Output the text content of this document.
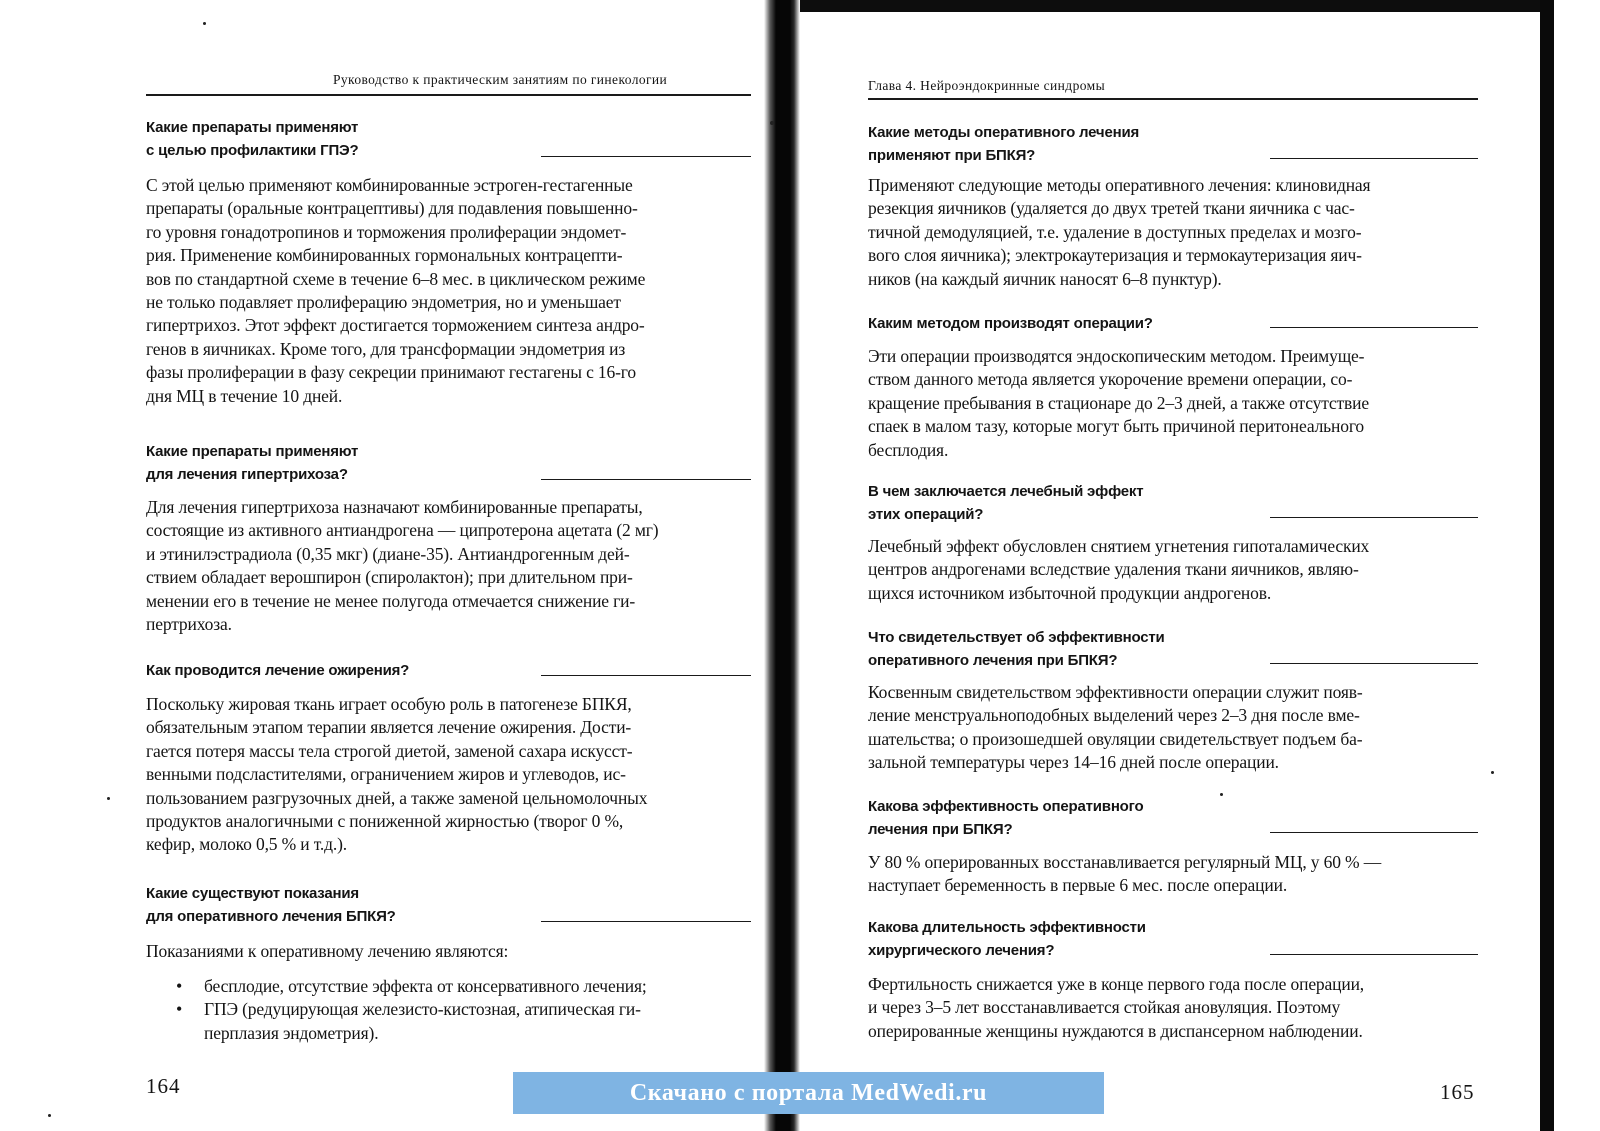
Руководство к практическим занятиям по гинекологии
Какие препараты применяют
с целью профилактики ГПЭ?
С этой целью применяют комбинированные эстроген-гестагенные
препараты (оральные контрацептивы) для подавления повышенно-
го уровня гонадотропинов и торможения пролиферации эндомет-
рия. Применение комбинированных гормональных контрацепти-
вов по стандартной схеме в течение 6–8 мес. в циклическом режиме
не только подавляет пролиферацию эндометрия, но и уменьшает
гипертрихоз. Этот эффект достигается торможением синтеза андро-
генов в яичниках. Кроме того, для трансформации эндометрия из
фазы пролиферации в фазу секреции принимают гестагены с 16-го
дня МЦ в течение 10 дней.
Какие препараты применяют
для лечения гипертрихоза?
Для лечения гипертрихоза назначают комбинированные препараты,
состоящие из активного антиандрогена — ципротерона ацетата (2 мг)
и этинилэстрадиола (0,35 мкг) (диане-35). Антиандрогенным дей-
ствием обладает верошпирон (спиролактон); при длительном при-
менении его в течение не менее полугода отмечается снижение ги-
пертрихоза.
Как проводится лечение ожирения?
Поскольку жировая ткань играет особую роль в патогенезе БПКЯ,
обязательным этапом терапии является лечение ожирения. Дости-
гается потеря массы тела строгой диетой, заменой сахара искусст-
венными подсластителями, ограничением жиров и углеводов, ис-
пользованием разгрузочных дней, а также заменой цельномолочных
продуктов аналогичными с пониженной жирностью (творог 0 %,
кефир, молоко 0,5 % и т.д.).
Какие существуют показания
для оперативного лечения БПКЯ?
Показаниями к оперативному лечению являются:
• бесплодие, отсутствие эффекта от консервативного лечения;
• ГПЭ (редуцирующая железисто-кистозная, атипическая ги-
перплазия эндометрия).
164
Глава 4. Нейроэндокринные синдромы
Какие методы оперативного лечения
применяют при БПКЯ?
Применяют следующие методы оперативного лечения: клиновидная
резекция яичников (удаляется до двух третей ткани яичника с час-
тичной демодуляцией, т.е. удаление в доступных пределах и мозго-
вого слоя яичника); электрокаутеризация и термокаутеризация яич-
ников (на каждый яичник наносят 6–8 пунктур).
Каким методом производят операции?
Эти операции производятся эндоскопическим методом. Преимуще-
ством данного метода является укорочение времени операции, со-
кращение пребывания в стационаре до 2–3 дней, а также отсутствие
спаек в малом тазу, которые могут быть причиной перитонеального
бесплодия.
В чем заключается лечебный эффект
этих операций?
Лечебный эффект обусловлен снятием угнетения гипоталамических
центров андрогенами вследствие удаления ткани яичников, являю-
щихся источником избыточной продукции андрогенов.
Что свидетельствует об эффективности
оперативного лечения при БПКЯ?
Косвенным свидетельством эффективности операции служит появ-
ление менструальноподобных выделений через 2–3 дня после вме-
шательства; о произошедшей овуляции свидетельствует подъем ба-
зальной температуры через 14–16 дней после операции.
Какова эффективность оперативного
лечения при БПКЯ?
У 80 % оперированных восстанавливается регулярный МЦ, у 60 % —
наступает беременность в первые 6 мес. после операции.
Какова длительность эффективности
хирургического лечения?
Фертильность снижается уже в конце первого года после операции,
и через 3–5 лет восстанавливается стойкая ановуляция. Поэтому
оперированные женщины нуждаются в диспансерном наблюдении.
165
Скачано с портала MedWedi.ru
